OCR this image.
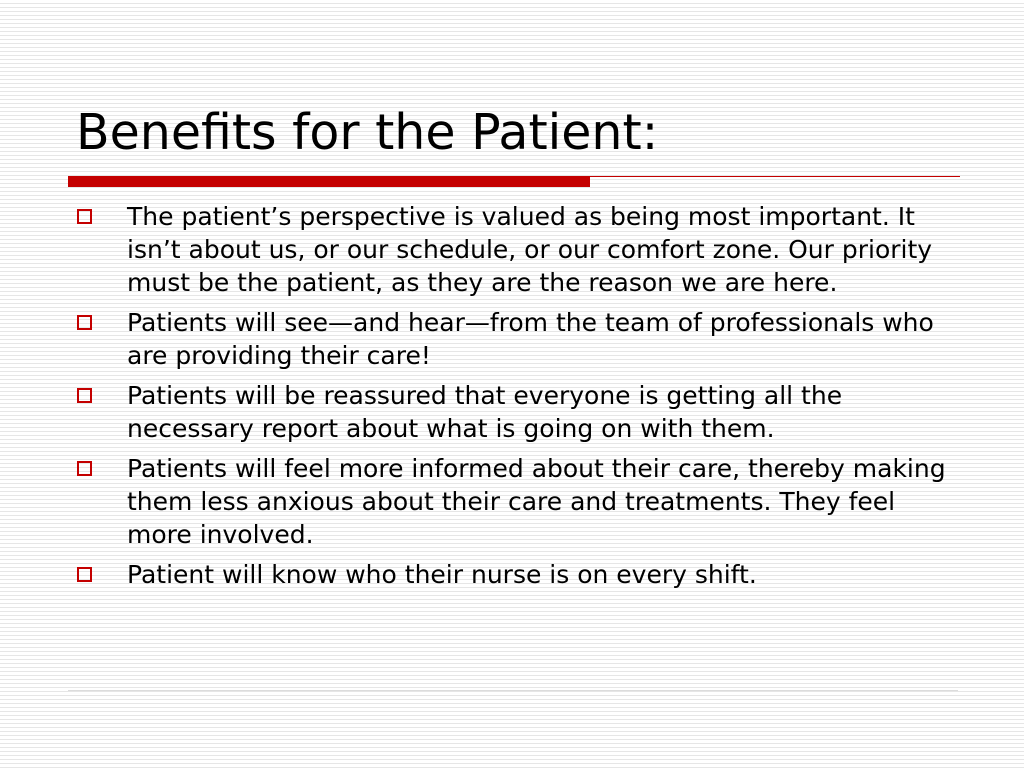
Benefits for the Patient:
The patient’s perspective is valued as being most important. It isn’t about us, or our schedule, or our comfort zone. Our priority must be the patient, as they are the reason we are here.
Patients will see—and hear—from the team of professionals who are providing their care!
Patients will be reassured that everyone is getting all the necessary report about what is going on with them.
Patients will feel more informed about their care, thereby making them less anxious about their care and treatments. They feel more involved.
Patient will know who their nurse is on every shift.
